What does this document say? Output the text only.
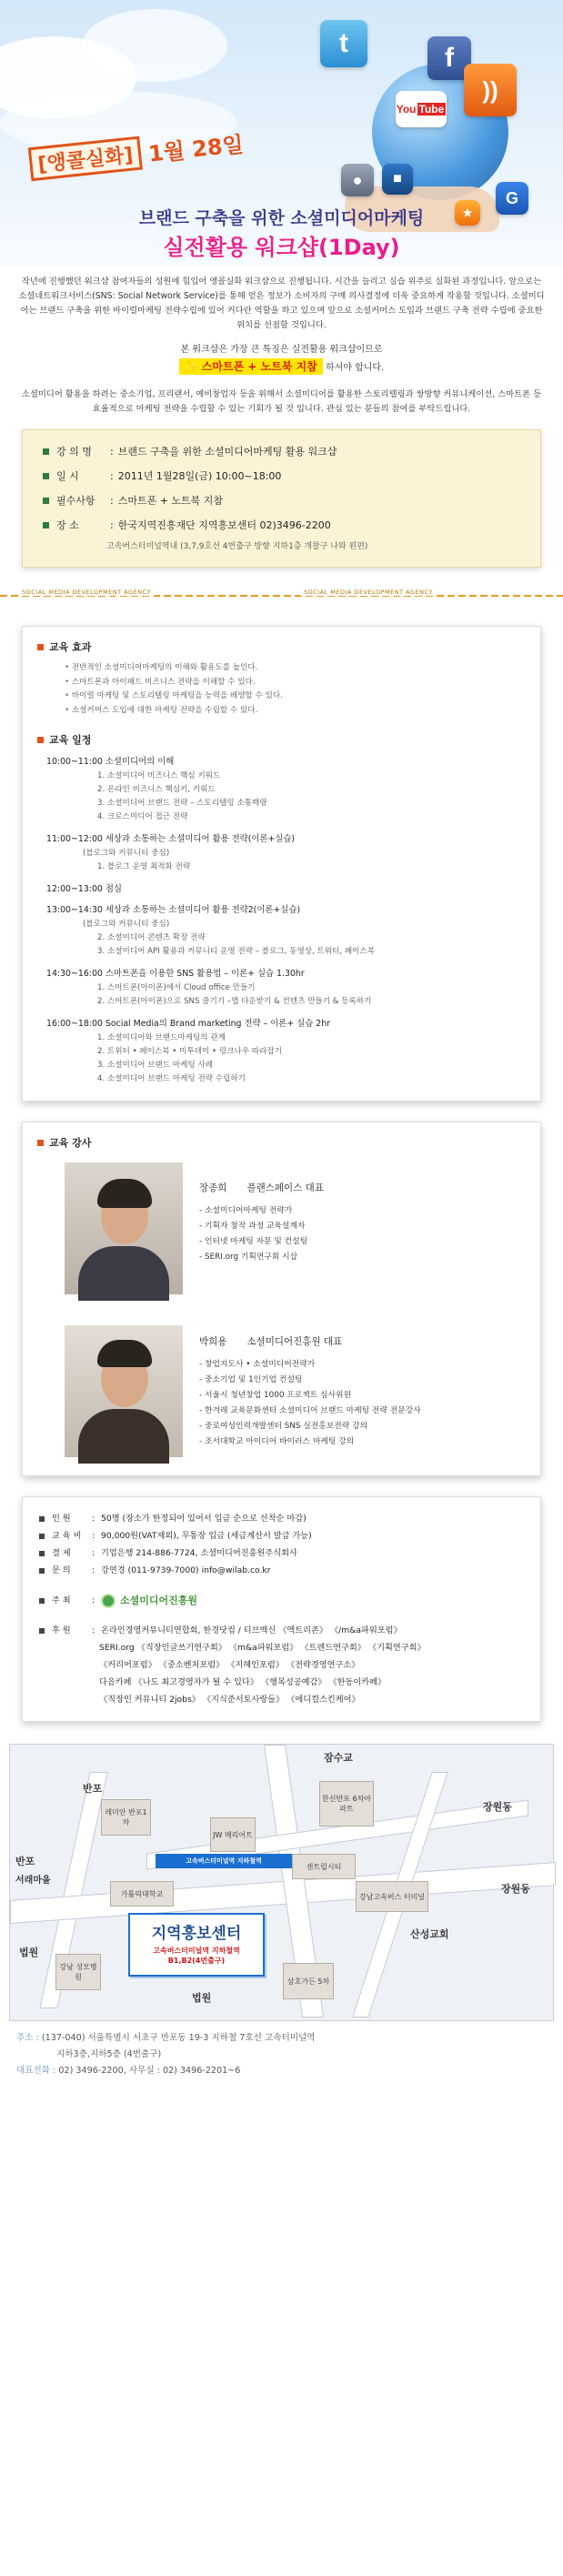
t	f
))
You Tube
●	■
G
★
[앵콜실화] 1월 28일
브랜드 구축을 위한 소셜미디어마케팅
실전활용 워크샵(1Day)

작년에 진행했던 워크샵 참여자들의 성원에 힘입어 앵콜실화 워크샵으로 진행됩니다. 시간을 늘리고 실습 위주로 실화된 과정입니다. 앞으로는 소셜네트워크서비스(SNS: Social Network Service)를 통해 얻은 정보가 소비자의 구매 의사결정에 더욱 중요하게 작용할 것입니다. 소셜미디어는 브랜드 구축을 위한 바이럴마케팅 전략수립에 있어 커다란 역할을 하고 있으며 앞으로 소셜커머스 도입과 브랜드 구축 전략 수립에 중요한 위치를 선점할 것입니다.

본 워크샵은 가장 큰 특징은 실전활용 워크샵이므로
✨ 스마트폰 + 노트북 지참 하셔야 합니다.

소셜미디어 활용을 하려는 중소기업, 프리랜서, 예비창업자 등을 위해서 소셜미디어를 활용한 스토리텔링과 쌍방향 커뮤니케이션, 스마트폰 등 효율적으로 마케팅 전략을 수립할 수 있는 기회가 될 것 입니다. 관심 있는 분들의 참여를 부탁드립니다.

강 의 명	: 브랜드 구축을 위한 소셜미디어마케팅 활용 워크샵
일 시	: 2011년 1월28일(금) 10:00~18:00
필수사항	: 스마트폰 + 노트북 지참
장 소	: 한국지역진흥재단 지역흥보센터 02)3496-2200
고속버스터미널역내 (3,7,9호선 4번출구 방향 지하1층 개찰구 나와 왼편)
SOCIAL MEDIA DEVELOPMENT AGENCY	SOCIAL MEDIA DEVELOPMENT AGENCY
교육 효과
• 전반적인 소셜미디어마케팅의 이해와 활용도를 높인다.
• 스마트폰과 아이패드 비즈니스 전략을 이해할 수 있다.
• 바이럴 마케팅 및 스토리텔링 마케팅을 능력을 배양할 수 있다.
• 소셜커머스 도입에 대한 마케팅 전략을 수립할 수 있다.
교육 일정
10:00~11:00 소셜미디어의 이해
1. 소셜미디어 비즈니스 핵심 키워드
2. 온라인 비즈니스 핵심키, 키워드
3. 소셜미디어 브랜드 전략 – 스토리텔링 소통백량
4. 크로스미디어 접근 전략
11:00~12:00 세상과 소통하는 소셜미디어 활용 전략(이론+실습)
(블로그와 커뮤니티 중심)
1. 블로그 운영 최적화 전략
12:00~13:00 점심
13:00~14:30 세상과 소통하는 소셜미디어 활용 전략2(이론+실습)
(블로그와 커뮤니티 중심)
2. 소셜미디어 콘텐츠 확장 전략
3. 소셜미디어 API 활용과 커뮤니티 운영 전략 – 블로그, 동영상, 트위터, 페이스북
14:30~16:00 스마트폰을 이용한 SNS 활용법 – 이론+ 실습 1.30hr
1. 스마트폰(아이폰)에서 Cloud office 만들기
2. 스마트폰(아이폰)으로 SNS 즐기기 –앱 다운받기 & 컨텐츠 만들기 & 등록하기
16:00~18:00 Social Media의 Brand marketing 전략 – 이론+ 실습 2hr
1. 소셜미디어와 브랜드마케팅의 관계
2. 트위터 • 페이스북 • 미투데이 • 링크나우 따라잡기
3. 소셜미디어 브랜드 마케팅 사례
4. 소셜미디어 브랜드 마케팅 전략 수립하기
교육 강사
장종희 플랜스페이스 대표
- 소셜미디어마케팅 전략가
- 기획자 창작 과정 교육설계자
- 인터넷 마케팅 자문 및 컨설팅
- SERI.org 기획연구회 시삽
박희용 소셜미디어진흥원 대표
- 창업지도사 • 소셜미디어전략가
- 중소기업 및 1인기업 컨설팅
- 서울시 청년창업 1000 프로젝트 심사위원
- 한겨레 교육문화센터 소셜미디어 브랜드 마케팅 전략 전문강사
- 중로여성인력개발센터 SNS 실전홍보전략 강의
- 조서대학교 아이디어 바이러스 마케팅 강의
인 원	: 50명 (장소가 한정되어 있어서 입금 순으로 선착순 마감)
교 육 비	: 90,000원(VAT제외), 무통장 입금 (세금계산서 발급 가능)
결 제	: 기업은행 214-886-7724, 소셜미디어진흥원주식회사
문 의	: 강연경 (011-9739-7000) info@wilab.co.kr
주 최	:	소셜미디어진흥원
후 원	: 온라인경영커뮤니티연합회, 한경닷컴 / 티브백신 《엑트리존》 《/m&a파워포럼》
SERI.org 《직장인글쓰기연구회》 《m&a파워포럼》 《트렌드연구회》 《기획연구회》
《커리어포럼》 《중소벤처포럼》 《지혜인포럼》 《전략경영연구소》
다음카페 《나도 최고경영자가 될 수 있다》 《행복성공예감》 《한동이카페》
《직장인 커뮤니티 2jobs》 《지식준서토사랑들》 《에디컬스킨케어》
잠수교
반포
레미안 반포1차
JW 메리어트
한신반포 6차아파트	장원동
반포
서래마을
가톨릭대학교
센트럴시티
강남고속버스 터미널
산성교회
장원동
법원
강남 성모병원	삼호가든 5차
법원
고속버스터미널역 지하철역
지역흥보센터
고속버스터미널역 지하철역
B1,B2(4번출구)
주소 : (137-040) 서울특별시 서초구 반포동 19-3 지하철 7호선 고속터미널역
지하3층,지하5층 (4번출구)
대표전화 : 02) 3496-2200, 사무실 : 02) 3496-2201~6
